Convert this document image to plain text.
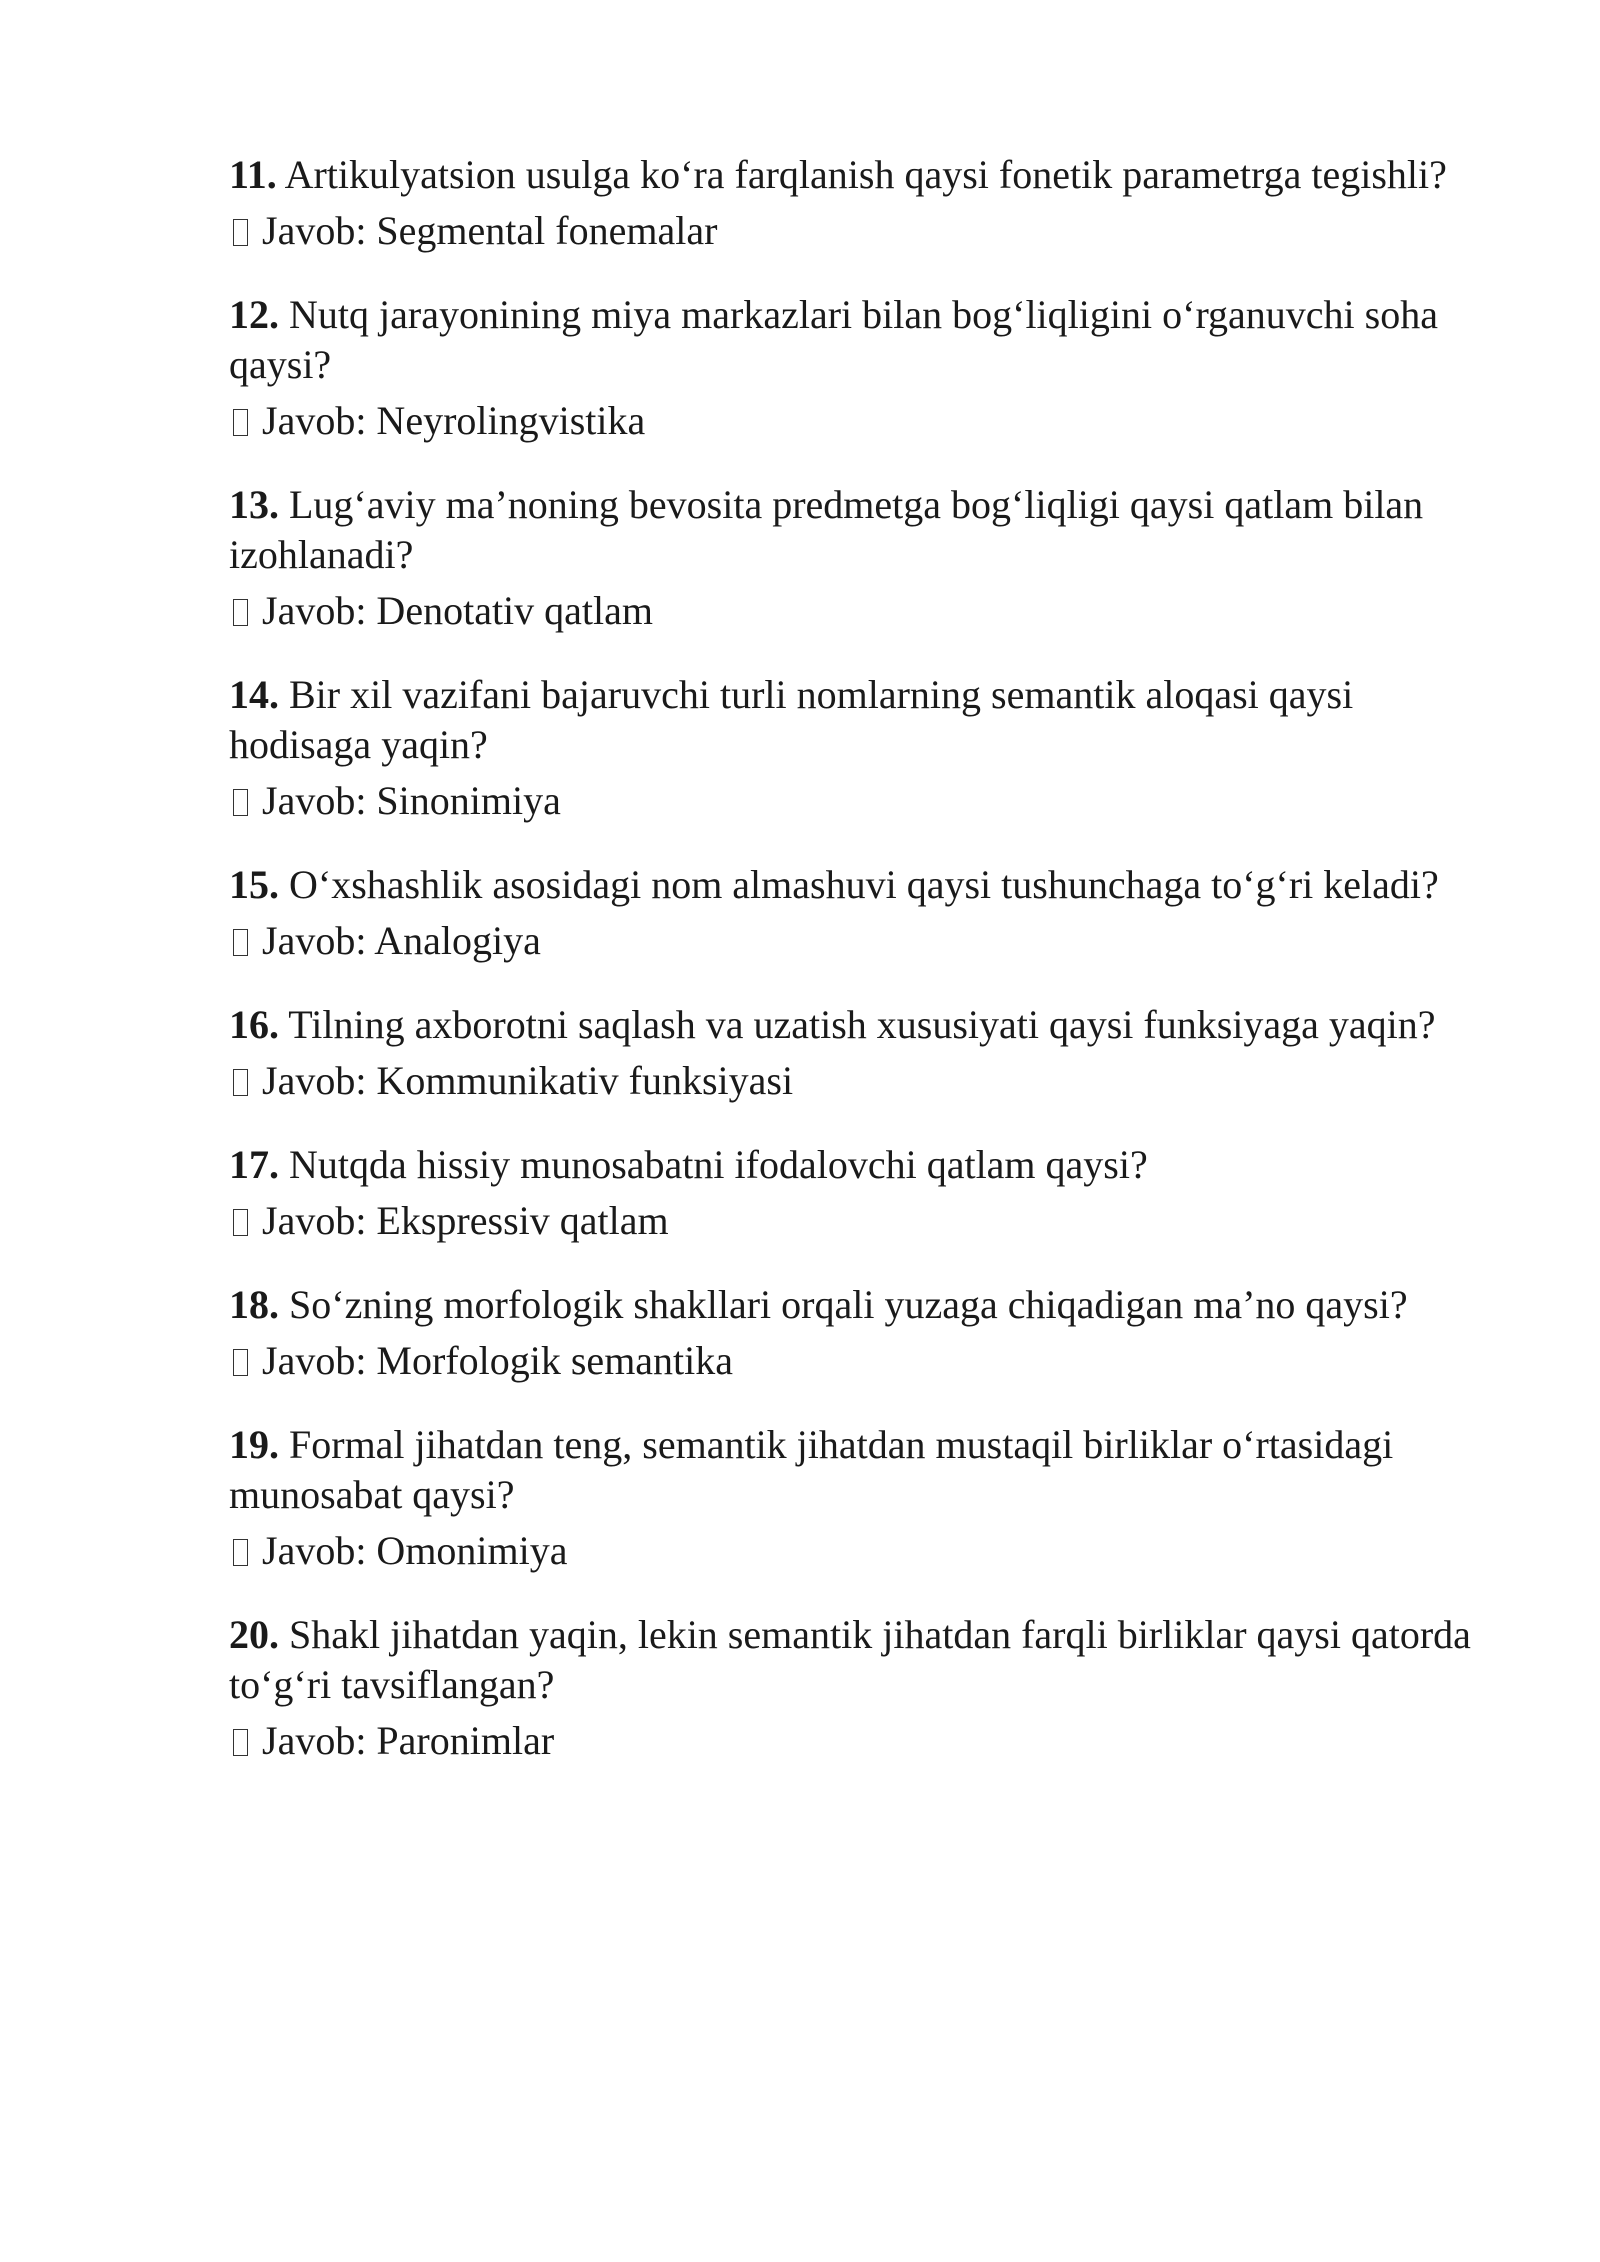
11. Artikulyatsion usulga ko‘ra farqlanish qaysi fonetik parametrga tegishli?

Javob: Segmental fonemalar

12. Nutq jarayonining miya markazlari bilan bog‘liqligini o‘rganuvchi soha qaysi?

Javob: Neyrolingvistika

13. Lug‘aviy ma’noning bevosita predmetga bog‘liqligi qaysi qatlam bilan izohlanadi?

Javob: Denotativ qatlam

14. Bir xil vazifani bajaruvchi turli nomlarning semantik aloqasi qaysi hodisaga yaqin?

Javob: Sinonimiya

15. O‘xshashlik asosidagi nom almashuvi qaysi tushunchaga to‘g‘ri keladi?

Javob: Analogiya

16. Tilning axborotni saqlash va uzatish xususiyati qaysi funksiyaga yaqin?

Javob: Kommunikativ funksiyasi

17. Nutqda hissiy munosabatni ifodalovchi qatlam qaysi?

Javob: Ekspressiv qatlam

18. So‘zning morfologik shakllari orqali yuzaga chiqadigan ma’no qaysi?

Javob: Morfologik semantika

19. Formal jihatdan teng, semantik jihatdan mustaqil birliklar o‘rtasidagi munosabat qaysi?

Javob: Omonimiya

20. Shakl jihatdan yaqin, lekin semantik jihatdan farqli birliklar qaysi qatorda to‘g‘ri tavsiflangan?

Javob: Paronimlar
